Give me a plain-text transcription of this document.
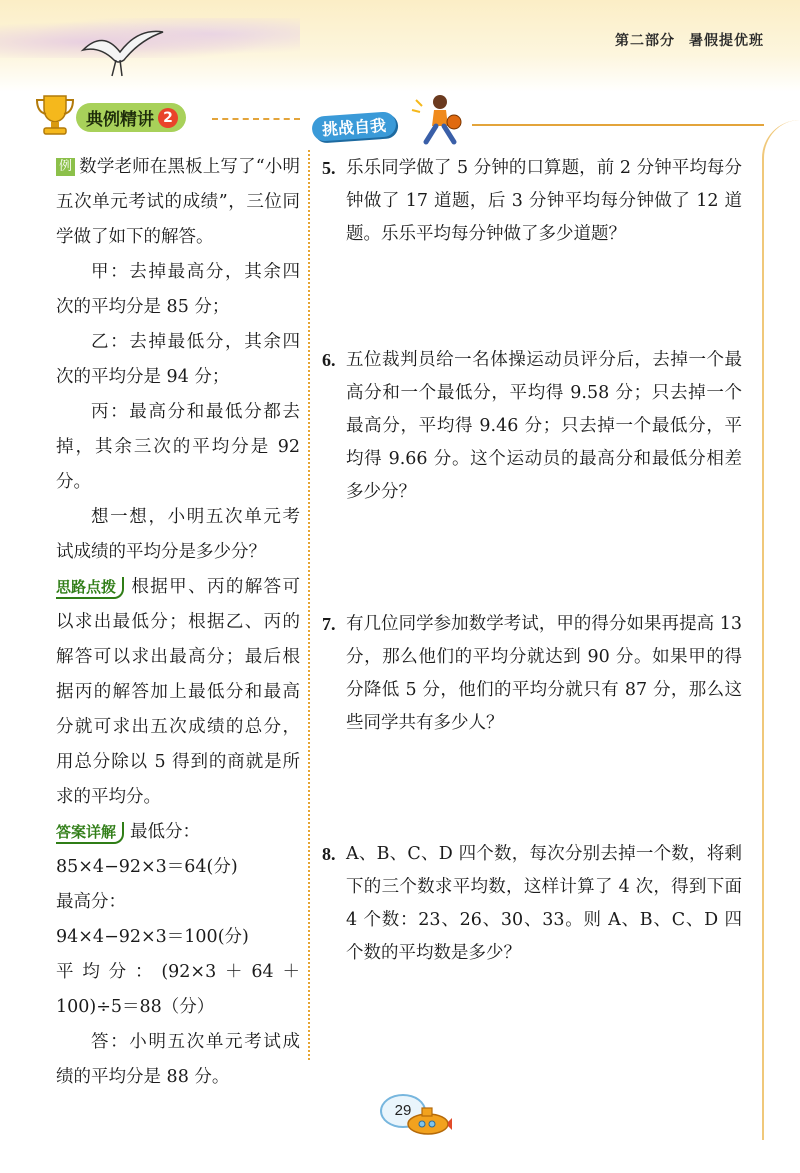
第二部分 暑假提优班
典例精讲 2	挑战自我

例 数学老师在黑板上写了“小明五次单元考试的成绩”，三位同学做了如下的解答。

甲：去掉最高分，其余四次的平均分是 85 分；

乙：去掉最低分，其余四次的平均分是 94 分；

丙：最高分和最低分都去掉，其余三次的平均分是 92 分。

想一想，小明五次单元考试成绩的平均分是多少分？

思路点拨 根据甲、丙的解答可以求出最低分；根据乙、丙的解答可以求出最高分；最后根据丙的解答加上最低分和最高分就可求出五次成绩的总分，用总分除以 5 得到的商就是所求的平均分。

答案详解 最低分：

85×4−92×3＝64(分)

最高分：

94×4−92×3＝100(分)

平均分：(92×3＋64＋100)÷5＝88（分）

答：小明五次单元考试成绩的平均分是 88 分。

5. 乐乐同学做了 5 分钟的口算题，前 2 分钟平均每分钟做了 17 道题，后 3 分钟平均每分钟做了 12 道题。乐乐平均每分钟做了多少道题？
6. 五位裁判员给一名体操运动员评分后，去掉一个最高分和一个最低分，平均得 9.58 分；只去掉一个最高分，平均得 9.46 分；只去掉一个最低分，平均得 9.66 分。这个运动员的最高分和最低分相差多少分？
7. 有几位同学参加数学考试，甲的得分如果再提高 13 分，那么他们的平均分就达到 90 分。如果甲的得分降低 5 分，他们的平均分就只有 87 分，那么这些同学共有多少人？
8. A、B、C、D 四个数，每次分别去掉一个数，将剩下的三个数求平均数，这样计算了 4 次，得到下面 4 个数：23、26、30、33。则 A、B、C、D 四个数的平均数是多少？
29
